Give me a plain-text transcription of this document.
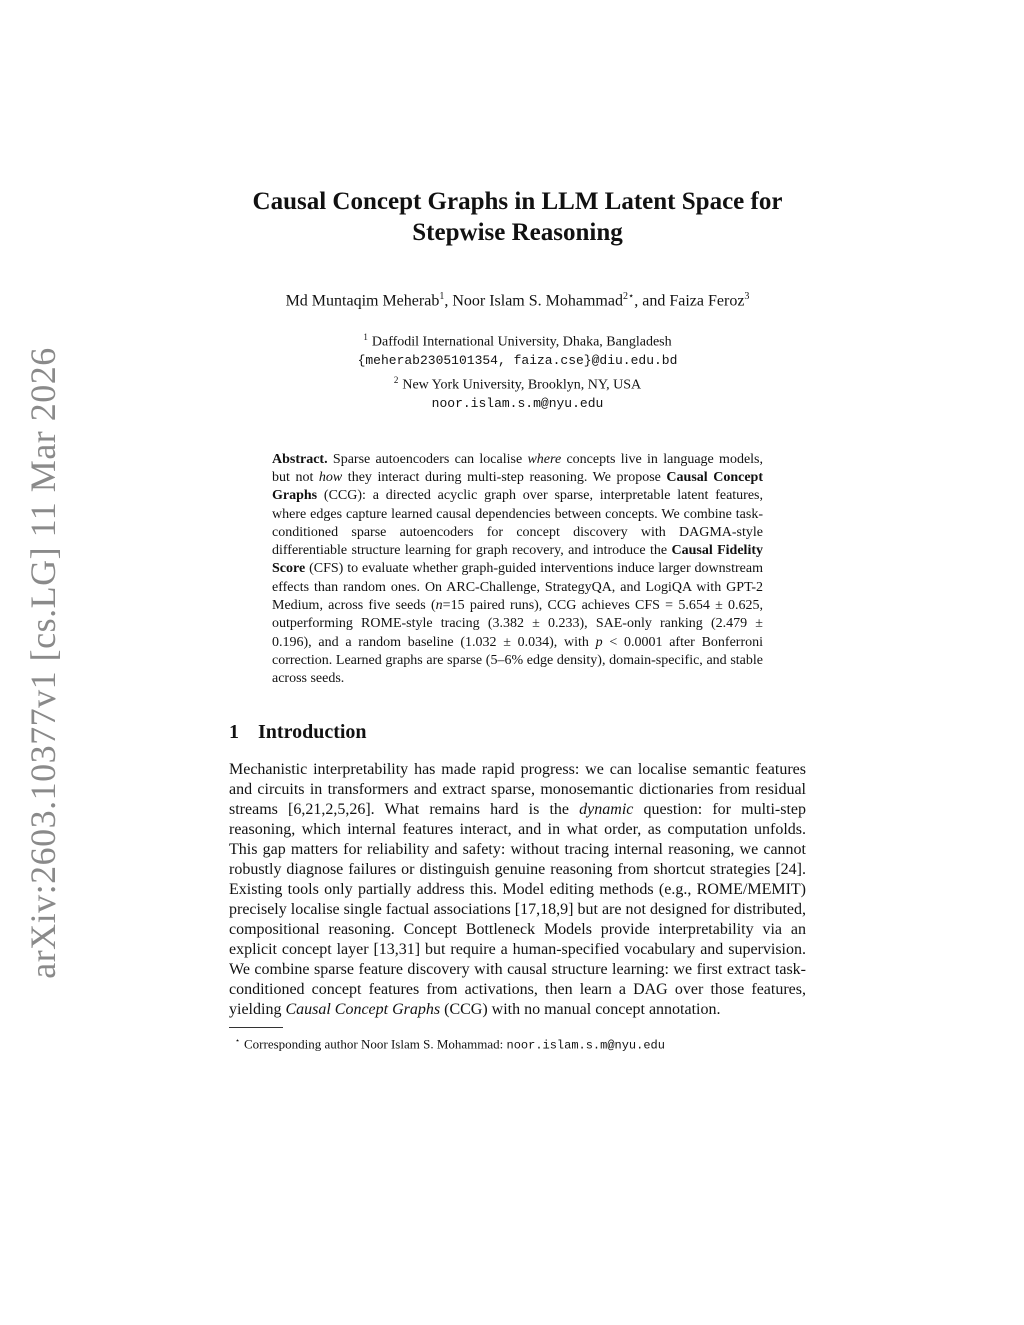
arXiv:2603.10377v1 [cs.LG] 11 Mar 2026
Causal Concept Graphs in LLM Latent Space for
Stepwise Reasoning
Md Muntaqim Meherab$^1$, Noor Islam S. Mohammad$^{2⋆}$, and Faiza Feroz$^3$
$^1$ Daffodil International University, Dhaka, Bangladesh
{meherab2305101354, faiza.cse}@diu.edu.bd
$^2$ New York University, Brooklyn, NY, USA
noor.islam.s.m@nyu.edu
Abstract. Sparse autoencoders can localise where concepts live in language models, but not how they interact during multi-step reasoning. We propose Causal Concept Graphs (CCG): a directed acyclic graph over sparse, interpretable latent features, where edges capture learned causal dependencies between concepts. We combine task-conditioned sparse autoencoders for concept discovery with DAGMA-style differentiable structure learning for graph recovery, and introduce the Causal Fidelity Score (CFS) to evaluate whether graph-guided interventions induce larger downstream effects than random ones. On ARC-Challenge, StrategyQA, and LogiQA with GPT-2 Medium, across five seeds (n=15 paired runs), CCG achieves CFS = 5.654 ± 0.625, outperforming ROME-style tracing (3.382 ± 0.233), SAE-only ranking (2.479 ± 0.196), and a random baseline (1.032 ± 0.034), with p < 0.0001 after Bonferroni correction. Learned graphs are sparse (5–6% edge density), domain-specific, and stable across seeds.
1 Introduction

Mechanistic interpretability has made rapid progress: we can localise semantic features and circuits in transformers and extract sparse, monosemantic dictionaries from residual streams [6,21,2,5,26]. What remains hard is the dynamic question: for multi-step reasoning, which internal features interact, and in what order, as computation unfolds. This gap matters for reliability and safety: without tracing internal reasoning, we cannot robustly diagnose failures or distinguish genuine reasoning from shortcut strategies [24]. Existing tools only partially address this. Model editing methods (e.g., ROME/MEMIT) precisely localise single factual associations [17,18,9] but are not designed for distributed, compositional reasoning. Concept Bottleneck Models provide interpretability via an explicit concept layer [13,31] but require a human-specified vocabulary and supervision. We combine sparse feature discovery with causal structure learning: we first extract task-conditioned concept features from activations, then learn a DAG over those features, yielding Causal Concept Graphs (CCG) with no manual concept annotation.

⋆ Corresponding author Noor Islam S. Mohammad: noor.islam.s.m@nyu.edu
